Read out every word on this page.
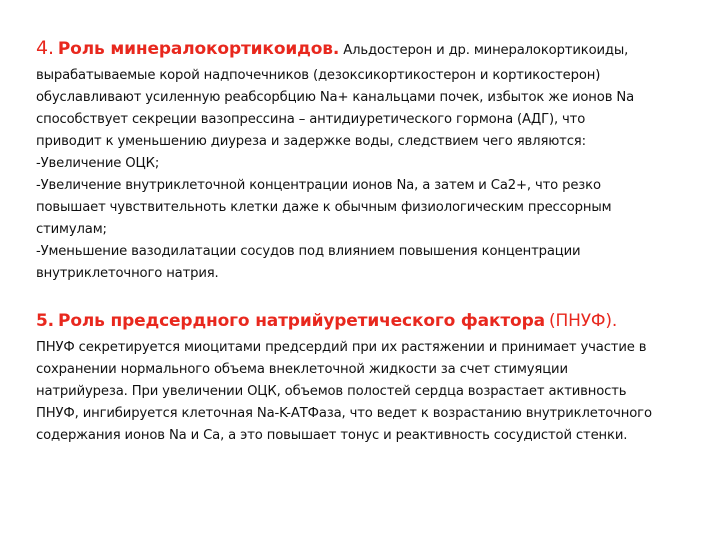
4. Роль минералокортикоидов. Альдостерон и др. минералокортикоиды,
вырабатываемые корой надпочечников (дезоксикортикостерон и кортикостерон)
обуславливают усиленную реабсорбцию Na+ канальцами почек, избыток же ионов Na
способствует секреции вазопрессина – антидиуретического гормона (АДГ), что
приводит к уменьшению диуреза и задержке воды, следствием чего являются:
-Увеличение ОЦК;
-Увеличение внутриклеточной концентрации ионов Na, а затем и Са2+, что резко
повышает чувствительноть клетки даже к обычным физиологическим прессорным
стимулам;
-Уменьшение вазодилатации сосудов под влиянием повышения концентрации
внутриклеточного натрия.
5. Роль предсердного натрийуретического фактора (ПНУФ).
ПНУФ секретируется миоцитами предсердий при их растяжении и принимает участие в
сохранении нормального объема внеклеточной жидкости за счет стимуяции
натрийуреза. При увеличении ОЦК, объемов полостей сердца возрастает активность
ПНУФ, ингибируется клеточная Na-K-АТФаза, что ведет к возрастанию внутриклеточного
содержания ионов Na и Ca, а это повышает тонус и реактивность сосудистой стенки.
